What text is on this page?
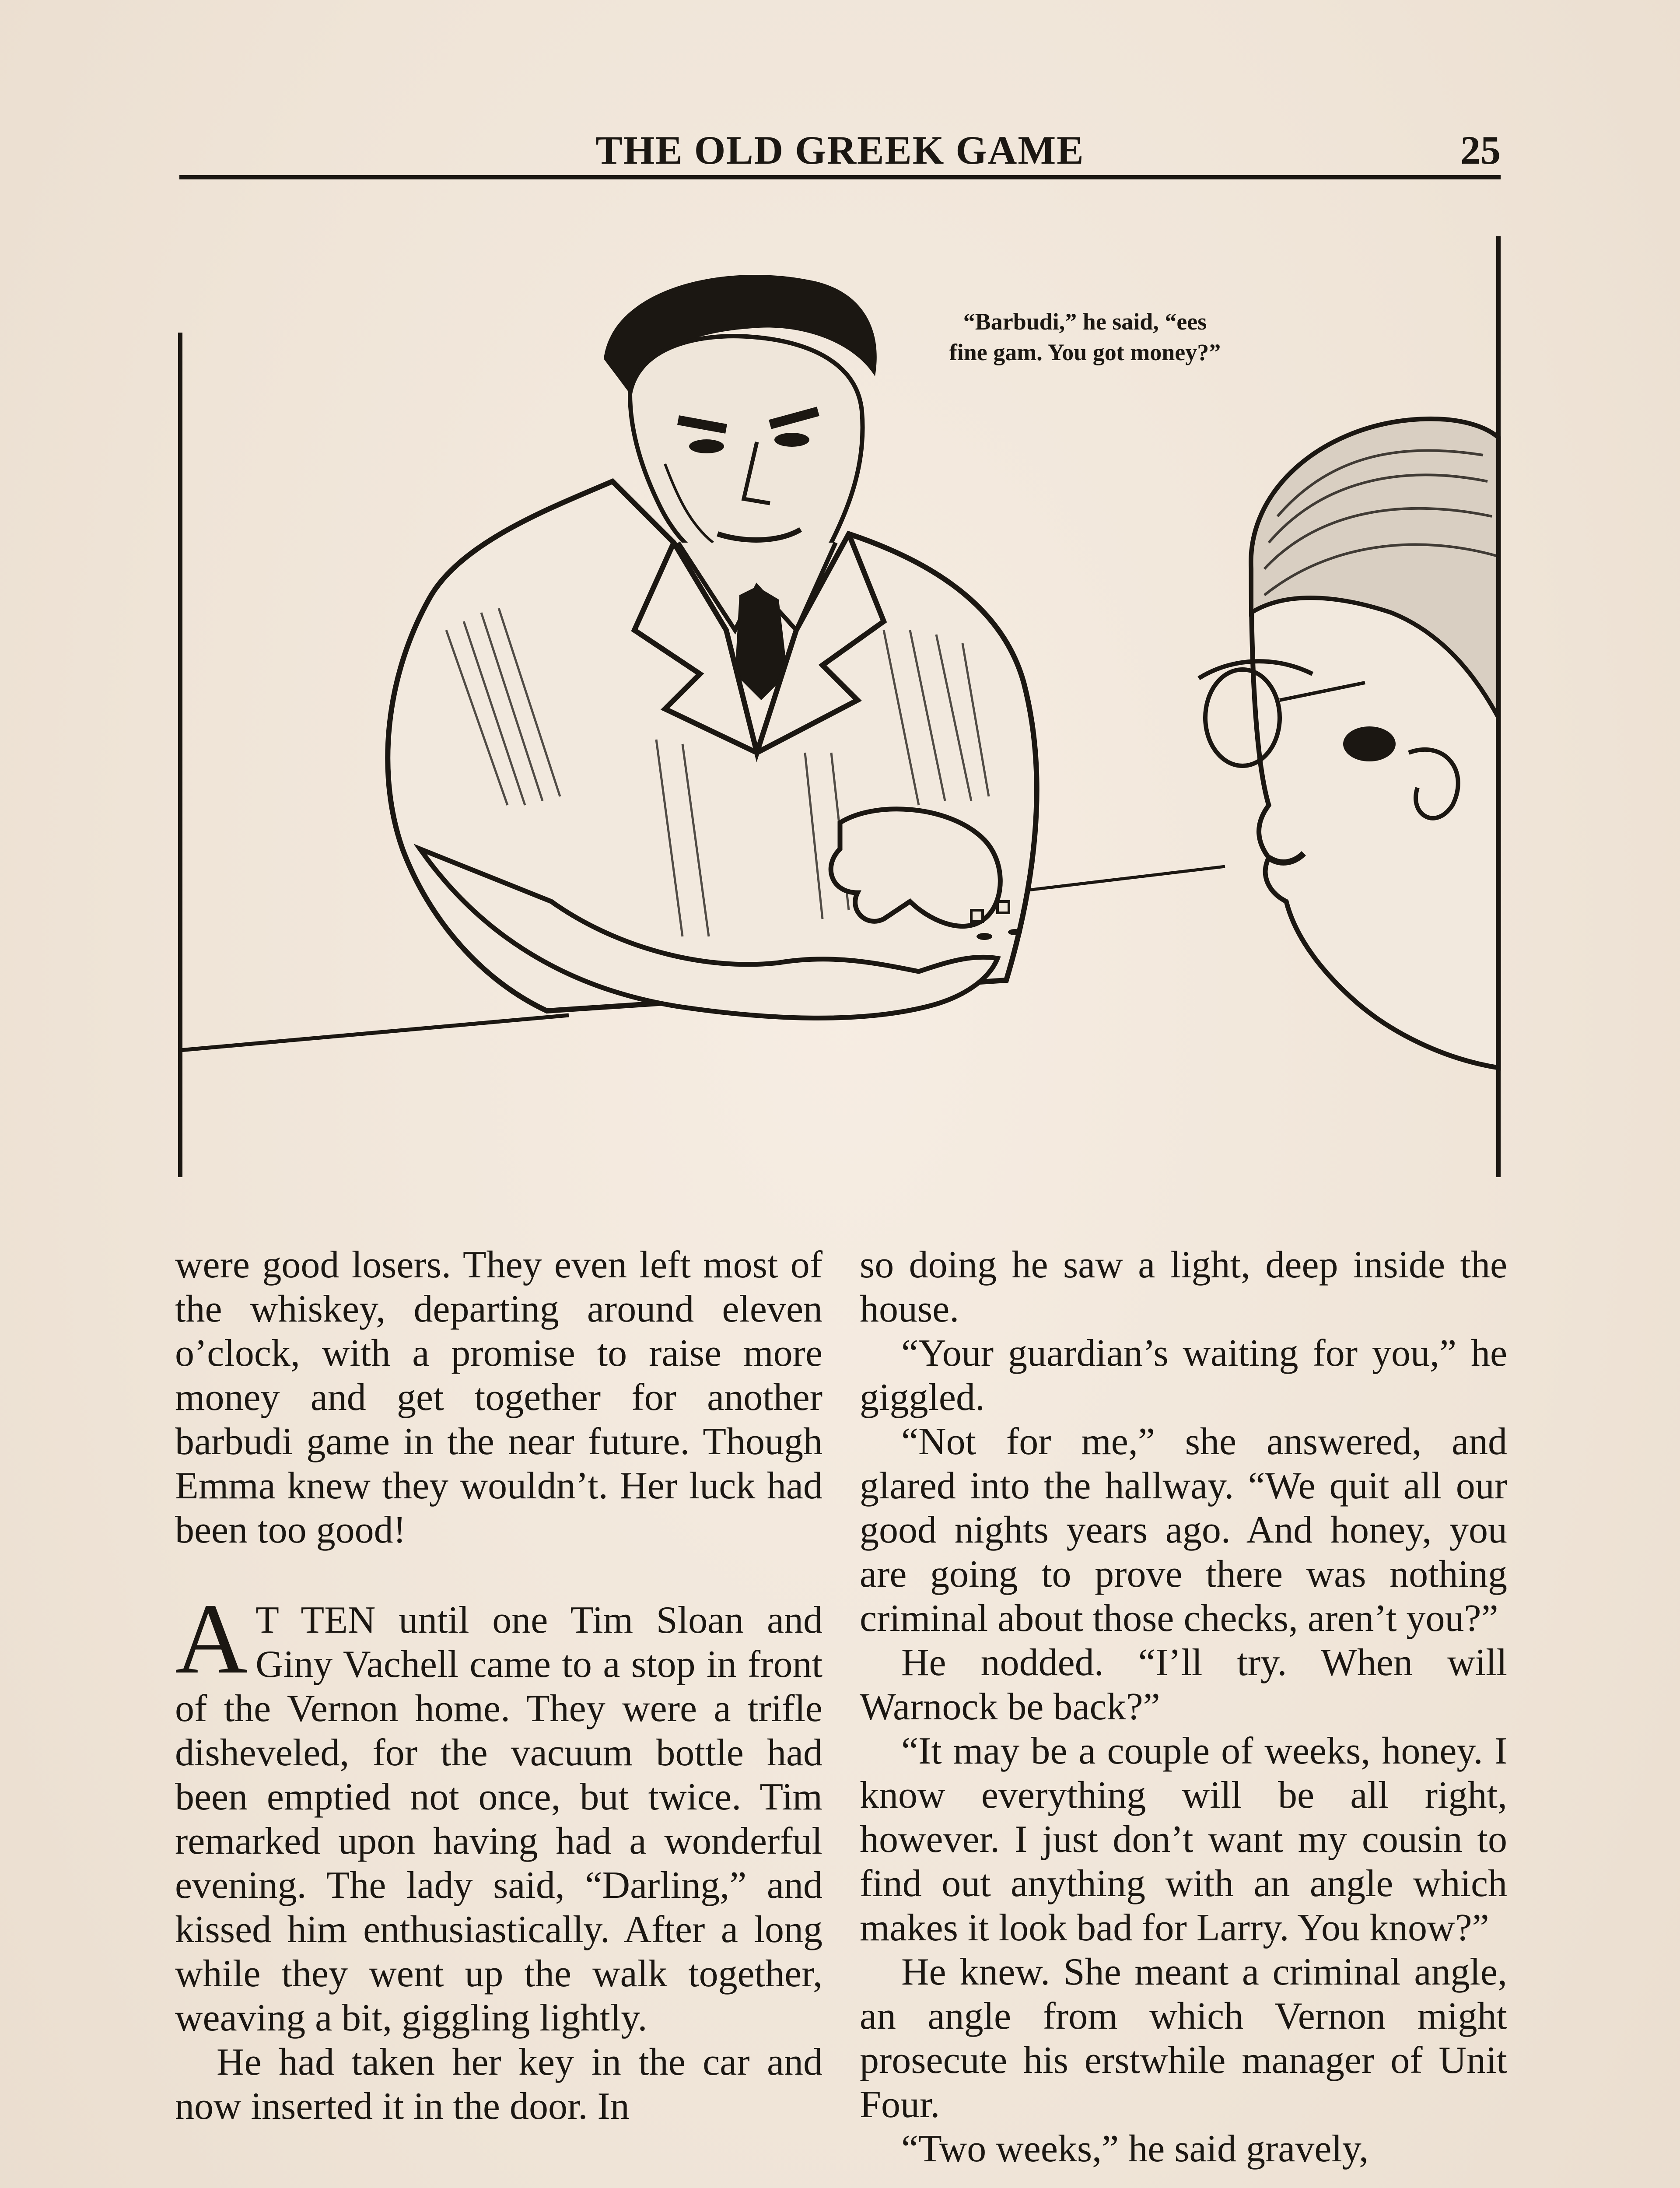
THE OLD GREEK GAME	25
“Barbudi,” he said, “ees fine gam. You got money?”

were good losers. They even left most of the whiskey, departing around eleven o’clock, with a promise to raise more money and get together for another barbudi game in the near future. Though Emma knew they wouldn’t. Her luck had been too good!

A T TEN until one Tim Sloan and Giny Vachell came to a stop in front of the Vernon home. They were a trifle disheveled, for the vacuum bottle had been emptied not once, but twice. Tim remarked upon having had a wonderful evening. The lady said, “Darling,” and kissed him enthusiastically. After a long while they went up the walk together, weaving a bit, giggling lightly.

He had taken her key in the car and now inserted it in the door. In

so doing he saw a light, deep inside the house.

“Your guardian’s waiting for you,” he giggled.

“Not for me,” she answered, and glared into the hallway. “We quit all our good nights years ago. And honey, you are going to prove there was nothing criminal about those checks, aren’t you?”

He nodded. “I’ll try. When will Warnock be back?”

“It may be a couple of weeks, honey. I know everything will be all right, however. I just don’t want my cousin to find out anything with an angle which makes it look bad for Larry. You know?”

He knew. She meant a criminal angle, an angle from which Vernon might prosecute his erstwhile manager of Unit Four.

“Two weeks,” he said gravely,
